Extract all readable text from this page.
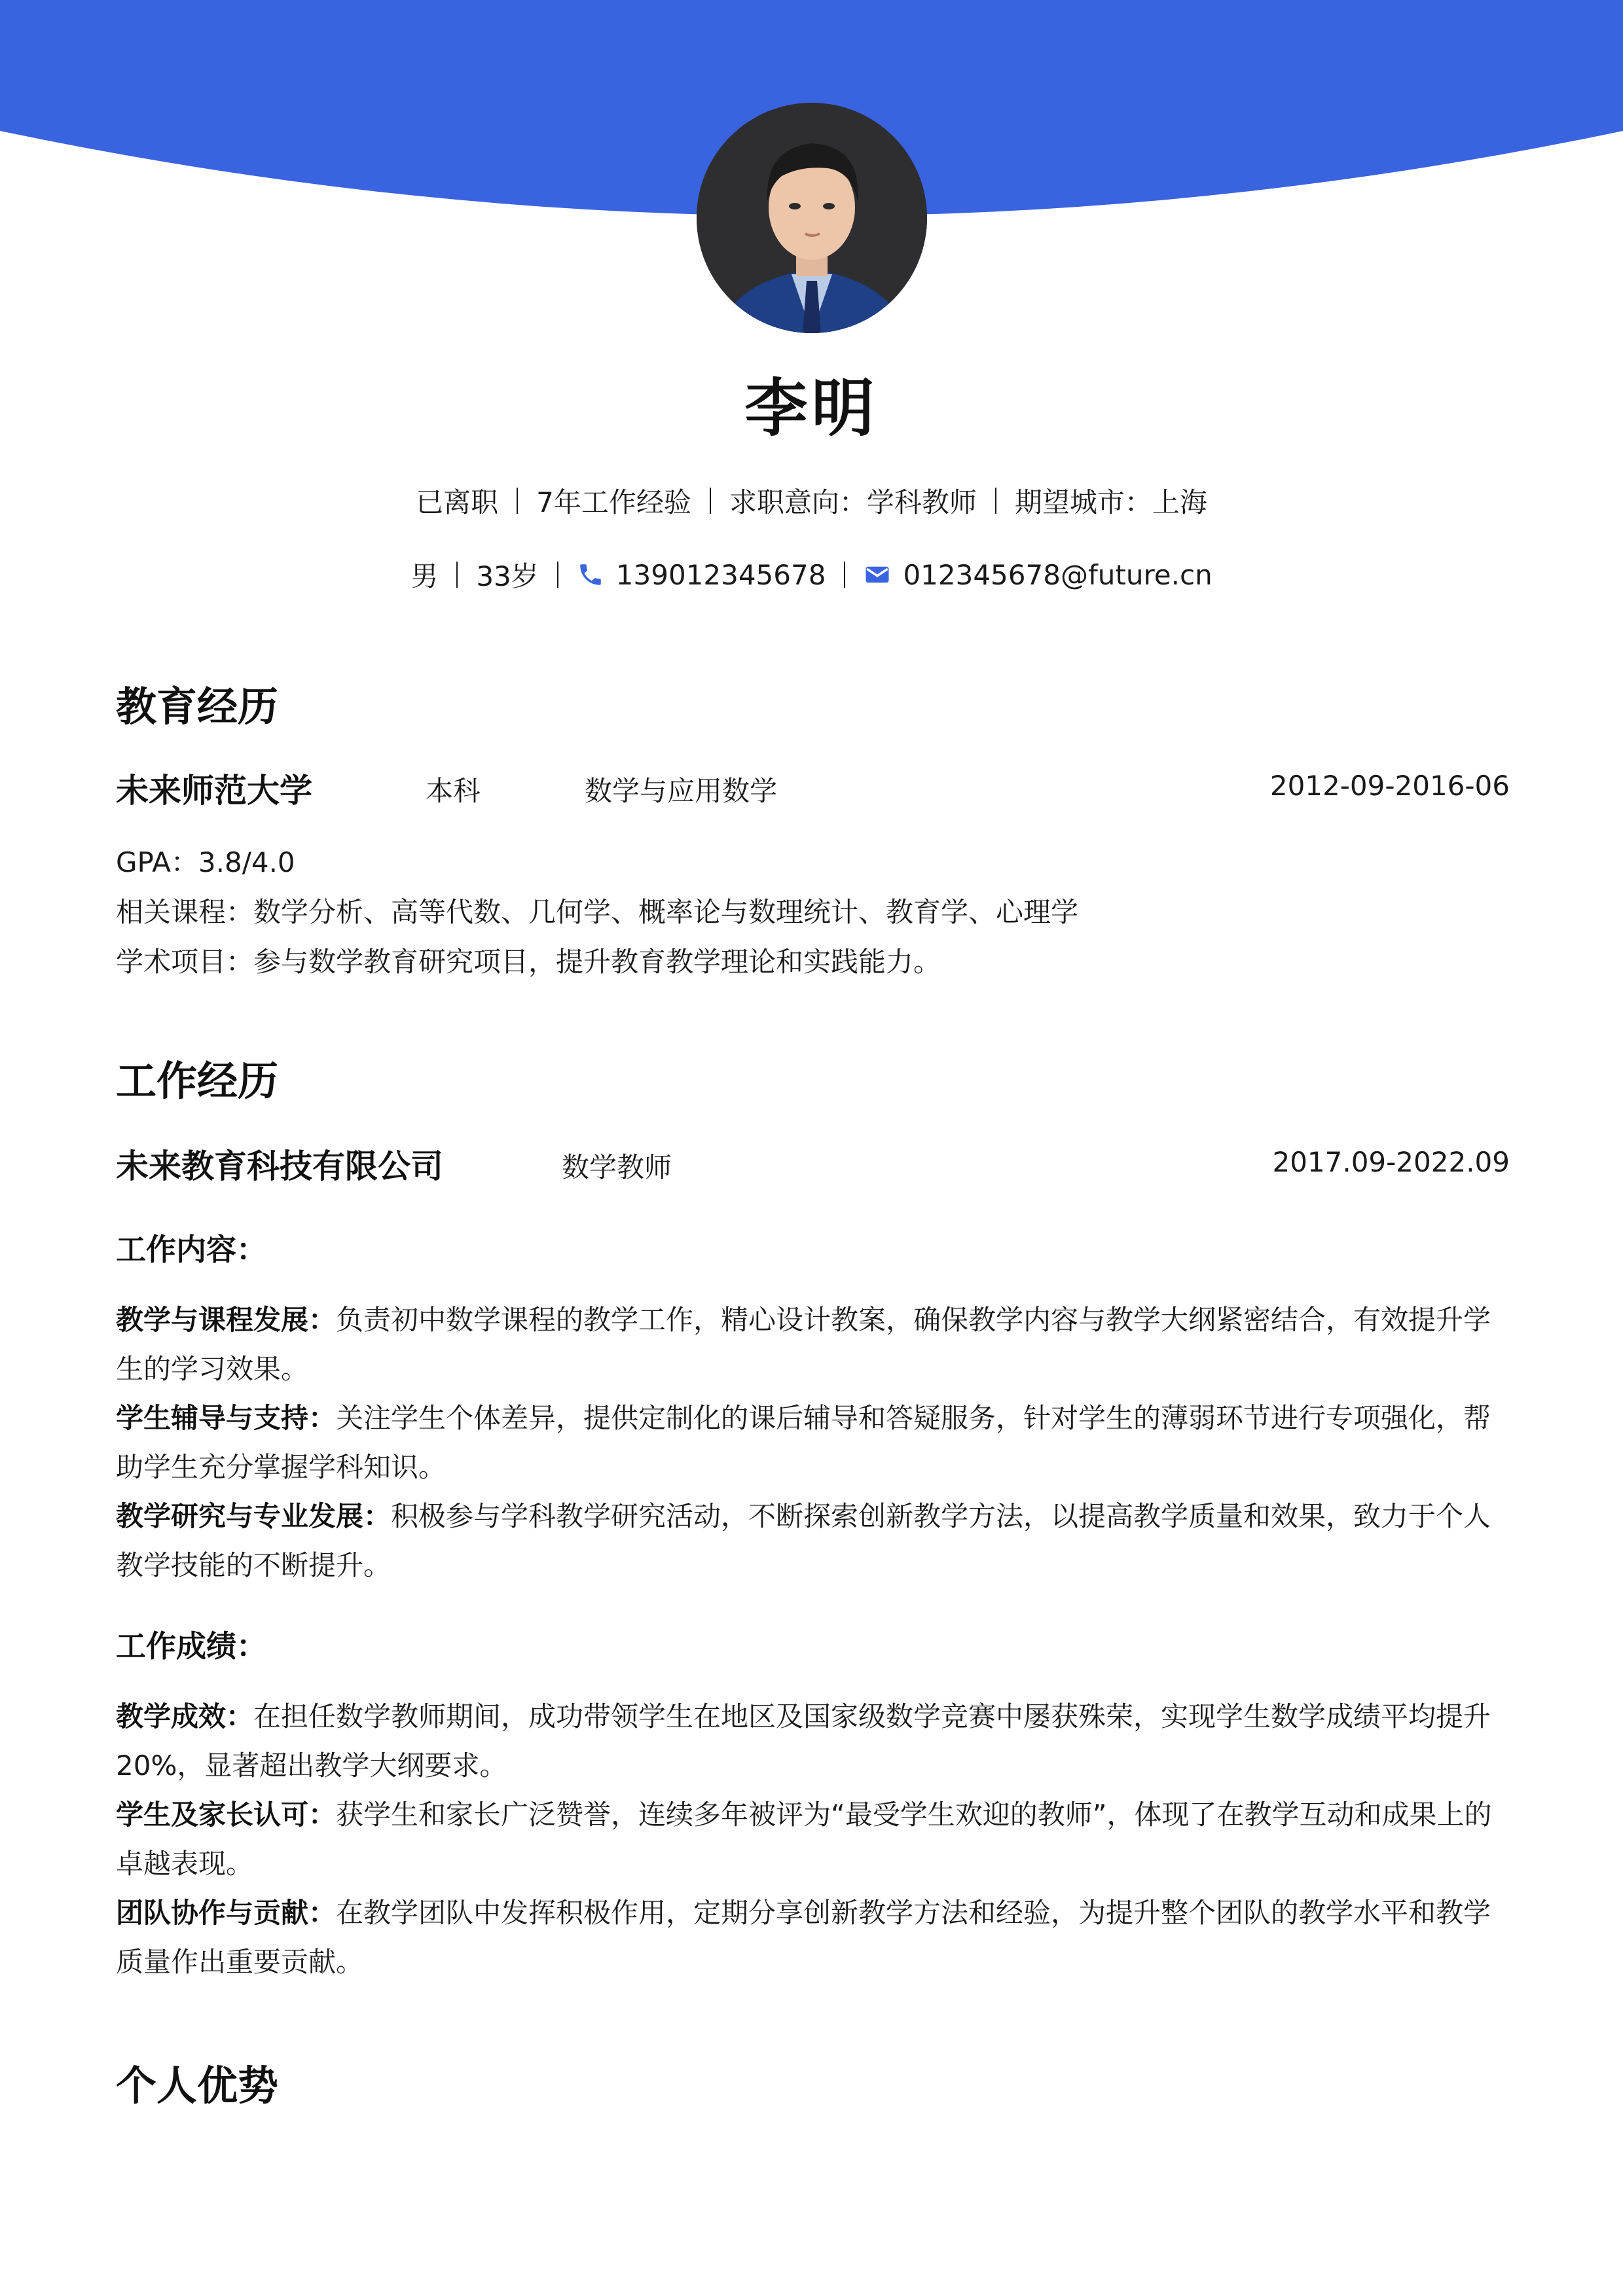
李明
已离职 7年工作经验 求职意向：学科教师 期望城市：上海
男 33岁	13901234567​8	012345678@future.cn
教育经历
未来师范大学	本科	数学与应用数学	2012-09-2016-06
GPA：3.8/4.0
相关课程：数学分析、高等代数、几何学、概率论与数理统计、教育学、心理学
学术项目：参与数学教育研究项目，提升教育教学理论和实践能力。
工作经历
未来教育科技有限公司	数学教师	2017.09-2022.09
工作内容：

教学与课程发展：负责初中数学课程的教学工作，精心设计教案，确保教学内容与教学大纲紧密结合，有效提升学生的学习效果。

学生辅导与支持：关注学生个体差异，提供定制化的课后辅导和答疑服务，针对学生的薄弱环节进行专项强化，帮助学生充分掌握学科知识。

教学研究与专业发展：积极参与学科教学研究活动，不断探索创新教学方法，以提高教学质量和效果，致力于个人教学技能的不断提升。

工作成绩：

教学成效：在担任数学教师期间，成功带领学生在地区及国家级数学竞赛中屡获殊荣，实现学生数学成绩平均提升20%，显著超出教学大纲要求。

学生及家长认可：获学生和家长广泛赞誉，连续多年被评为“最受学生欢迎的教师”，体现了在教学互动和成果上的卓越表现。

团队协作与贡献：在教学团队中发挥积极作用，定期分享创新教学方法和经验，为提升整个团队的教学水平和教学质量作出重要贡献。

个人优势
